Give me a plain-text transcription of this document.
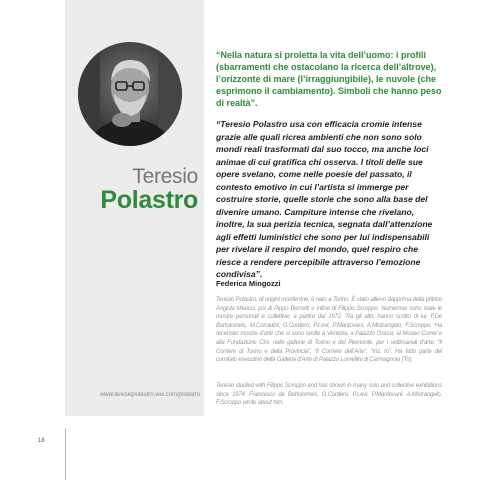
Teresio
Polastro
www.teresiopolastro.wix.com/polastro
“Nella natura si proietta la vita dell’uomo: i profili (sbarramenti che ostacolano la ricerca dell’altrove), l’orizzonte di mare (l’irraggiungibile), le nuvole (che esprimono il cambiamento). Simboli che hanno peso di realtà”.
“Teresio Polastro usa con efficacia cromie intense grazie alle quali ricrea ambienti che non sono solo mondi reali trasformati dal suo tocco, ma anche loci animae di cui gratifica chi osserva. I titoli delle sue opere svelano, come nelle poesie del passato, il contesto emotivo in cui l’artista si immerge per costruire storie, quelle storie che sono alla base del divenire umano. Campiture intense che rivelano, inoltre, la sua perizia tecnica, segnata dall’attenzione agli effetti luministici che sono per lui indispensabili per rivelare il respiro del mondo, quel respiro che riesce a rendere percepibile attraverso l’emozione condivisa”.
Federica Mingozzi
Teresio Polastro, di origini monferrine, è nato a Torino. È stato allievo dapprima della pittrice Angiola Meucci, poi di Pippo Bercetti e infine di Filippo Scroppo. Numerose sono state le mostre personali e collettive, a partire dal 1972. Tra gli altri, hanno scritto di lui: F.De Bartolomeis, M.Corradini, G.Cordero, P.Levi, P.Mantovani, A.Mistrangelo, F.Scroppo. Ha recensito mostre d’arte che si sono svolte a Venezia, a Palazzo Grassi, al Museo Correr e alla Fondazione Cini, nelle gallerie di Torino e del Piemonte, per i settimanali d’arte: “Il Corriere di Torino e della Provincia”, “Il Corriere dell’Arte”, “Ins. to”. Ha fatto parte del comitato esecutivo della Galleria d’Arte di Palazzo Lomellini di Carmagnola (To).
Teresio studied with Filippo Scroppo and has shown in many solo and collective exhibitions since 1974. Francesco de Bartolomeis, G.Cordero, P.Levi, P.Mantovani, A.Mistrangelo, F.Scroppo wrote about him.
18
